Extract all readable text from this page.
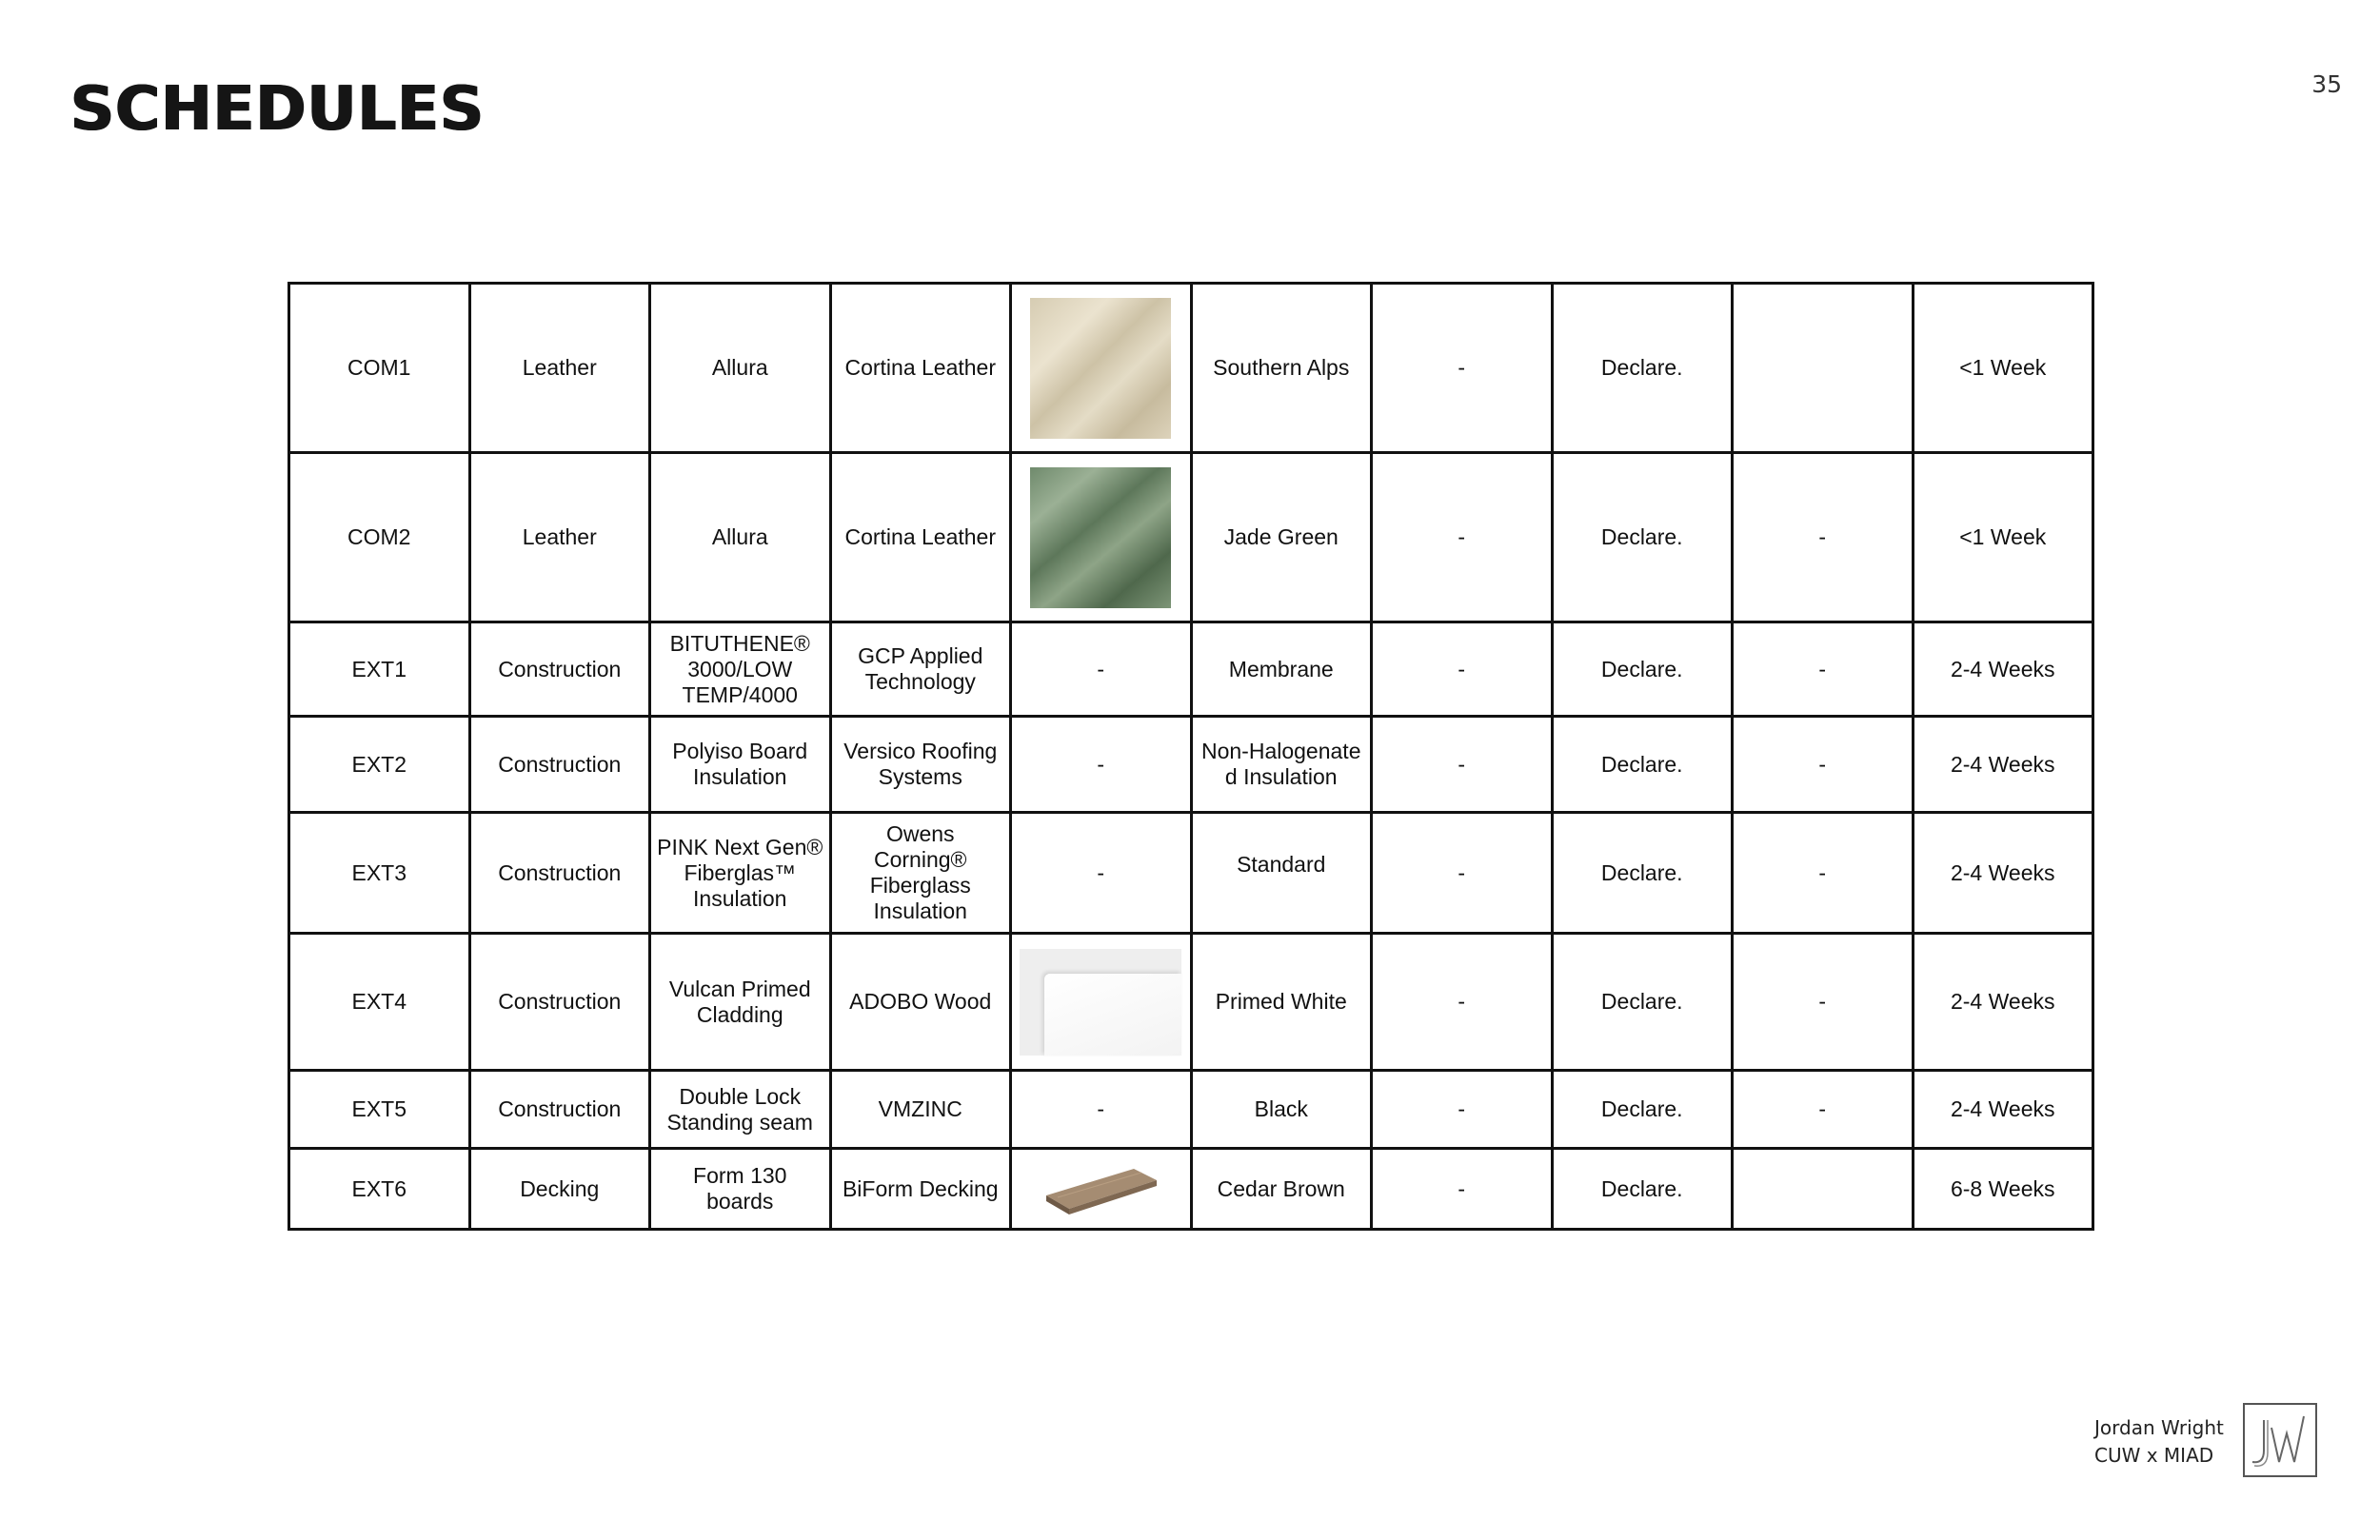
SCHEDULES	35
COM1	Leather	Allura	Cortina Leather		Southern Alps	-	Declare.		<1 Week
COM2	Leather	Allura	Cortina Leather		Jade Green	-	Declare.	-	<1 Week
EXT1	Construction	BITUTHENE® 3000/LOW TEMP/4000	GCP Applied Technology	-	Membrane	-	Declare.	-	2-4 Weeks
EXT2	Construction	Polyiso Board Insulation	Versico Roofing Systems	-	Non-Halogenated Insulation	-	Declare.	-	2-4 Weeks
EXT3	Construction	PINK Next Gen® Fiberglas™ Insulation	Owens Corning® Fiberglass Insulation	-	Standard	-	Declare.	-	2-4 Weeks
EXT4	Construction	Vulcan Primed Cladding	ADOBO Wood		Primed White	-	Declare.	-	2-4 Weeks
EXT5	Construction	Double Lock Standing seam	VMZINC	-	Black	-	Declare.	-	2-4 Weeks
EXT6	Decking	Form 130 boards	BiForm Decking		Cedar Brown	-	Declare.		6-8 Weeks
Jordan Wright
CUW x MIAD
